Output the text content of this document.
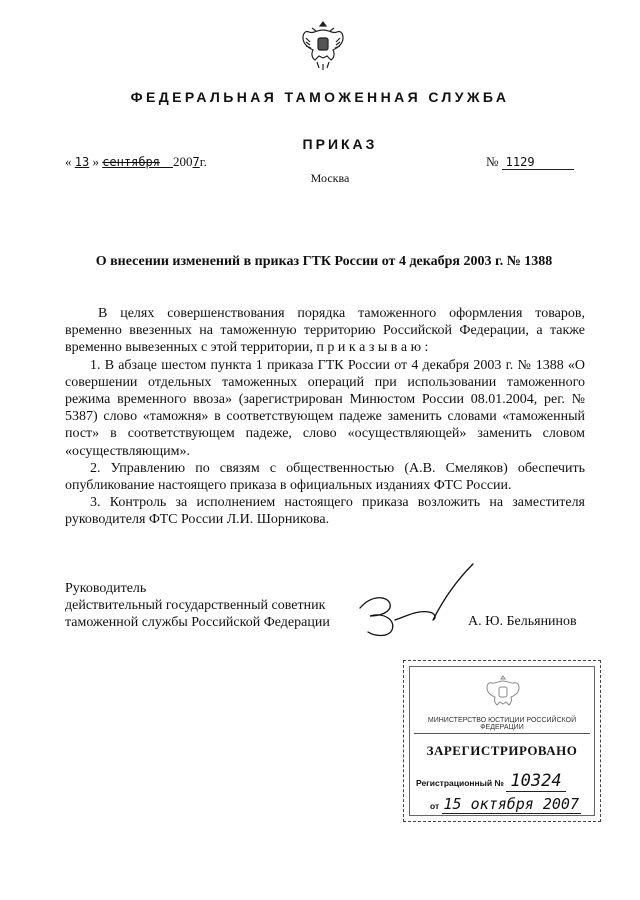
ФЕДЕРАЛЬНАЯ ТАМОЖЕННАЯ СЛУЖБА
ПРИКАЗ
« 13 » сентября 2007г.	№ 1129
Москва
О внесении изменений в приказ ГТК России от 4 декабря 2003 г. № 1388

В целях совершенствования порядка таможенного оформления товаров, временно ввезенных на таможенную территорию Российской Федерации, а также временно вывезенных с этой территории, п р и к а з ы в а ю :

1. В абзаце шестом пункта 1 приказа ГТК России от 4 декабря 2003 г. № 1388 «О совершении отдельных таможенных операций при использовании таможенного режима временного ввоза» (зарегистрирован Минюстом России 08.01.2004, рег. № 5387) слово «таможня» в соответствующем падеже заменить словами «таможенный пост» в соответствующем падеже, слово «осуществляющей» заменить словом «осуществляющим».

2. Управлению по связям с общественностью (А.В. Смеляков) обеспечить опубликование настоящего приказа в официальных изданиях ФТС России.

3. Контроль за исполнением настоящего приказа возложить на заместителя руководителя ФТС России Л.И. Шорникова.

Руководитель
действительный государственный советник
таможенной службы Российской Федерации	А. Ю. Бельянинов
МИНИСТЕРСТВО ЮСТИЦИИ РОССИЙСКОЙ ФЕДЕРАЦИИ
ЗАРЕГИСТРИРОВАНО
Регистрационный № 10324
от 15 октября 2007
